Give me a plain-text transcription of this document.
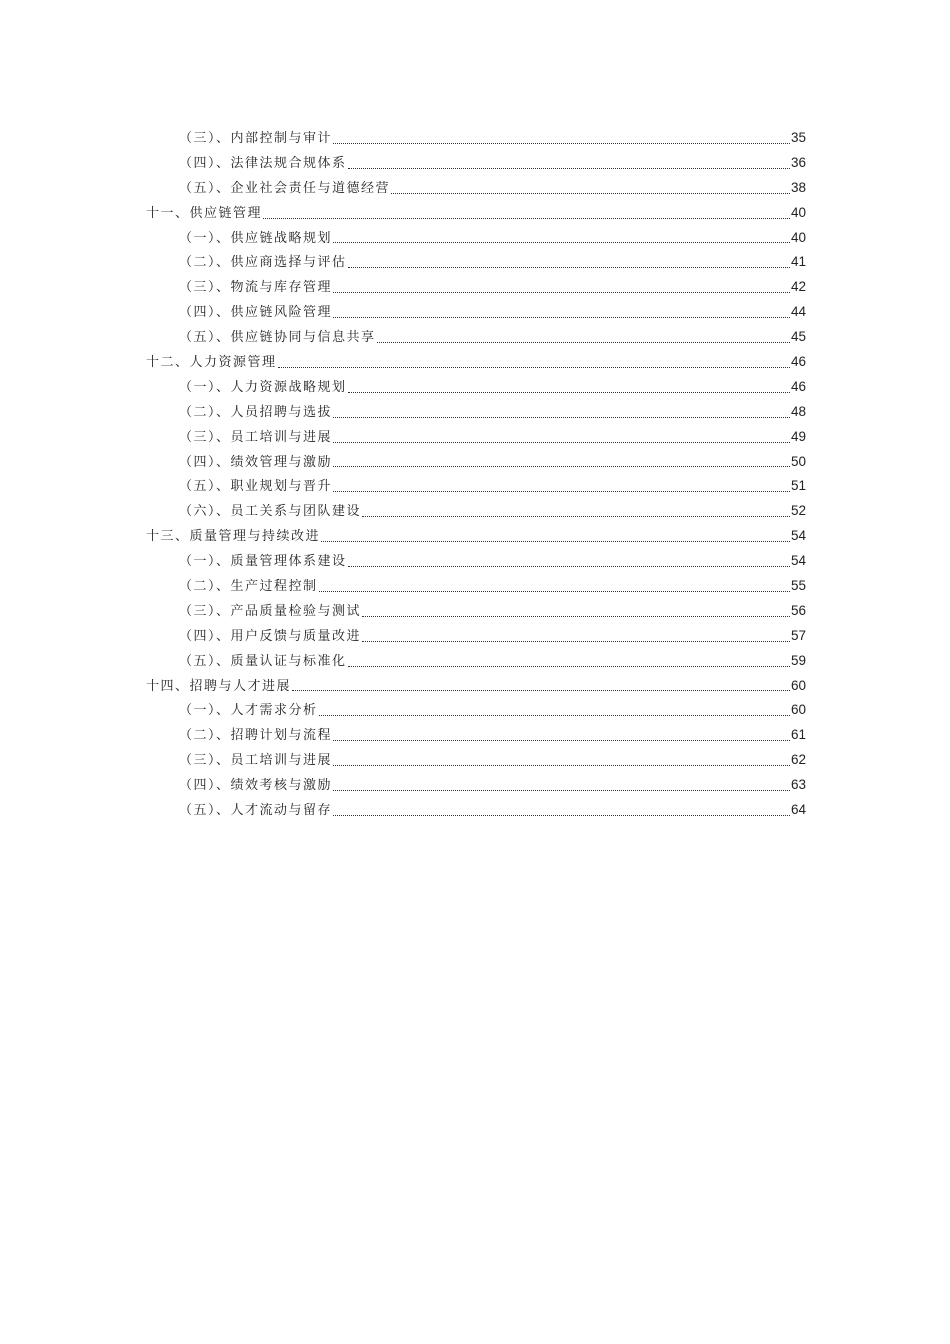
（三）、内部控制与审计	35
（四）、法律法规合规体系	36
（五）、企业社会责任与道德经营	38
十一、供应链管理	40
（一）、供应链战略规划	40
（二）、供应商选择与评估	41
（三）、物流与库存管理	42
（四）、供应链风险管理	44
（五）、供应链协同与信息共享	45
十二、人力资源管理	46
（一）、人力资源战略规划	46
（二）、人员招聘与选拔	48
（三）、员工培训与进展	49
（四）、绩效管理与激励	50
（五）、职业规划与晋升	51
（六）、员工关系与团队建设	52
十三、质量管理与持续改进	54
（一）、质量管理体系建设	54
（二）、生产过程控制	55
（三）、产品质量检验与测试	56
（四）、用户反馈与质量改进	57
（五）、质量认证与标准化	59
十四、招聘与人才进展	60
（一）、人才需求分析	60
（二）、招聘计划与流程	61
（三）、员工培训与进展	62
（四）、绩效考核与激励	63
（五）、人才流动与留存	64
